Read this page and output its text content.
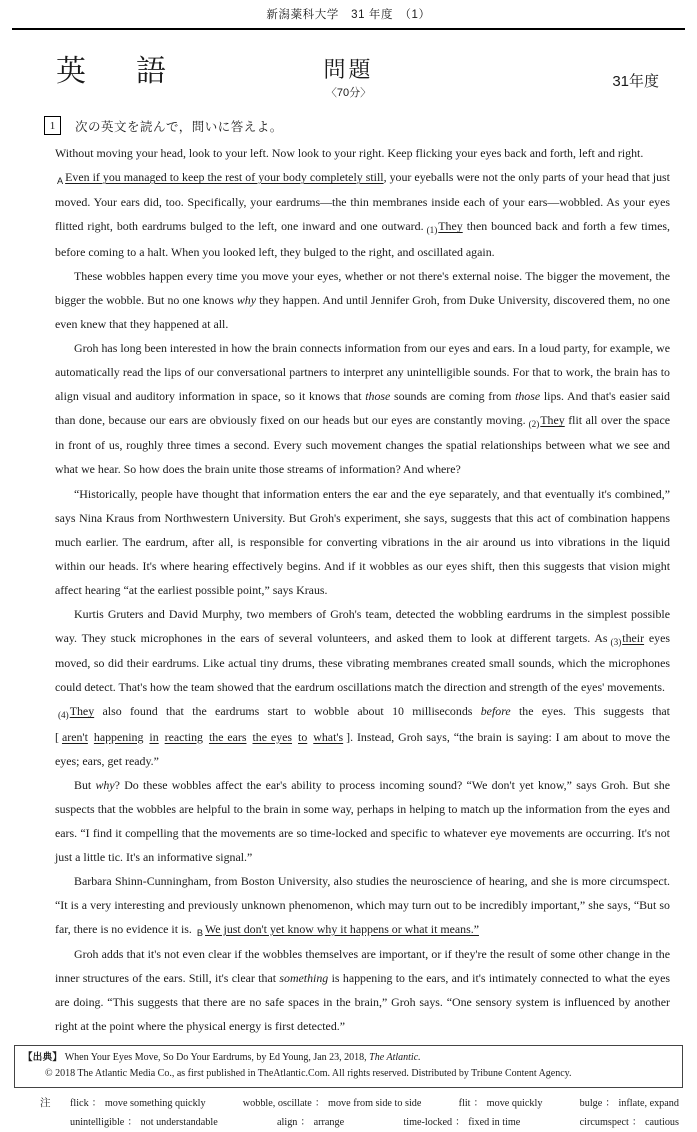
新潟薬科大学　31 年度　（1）
英　語	問題
〈70分〉
31年度
1	次の英文を読んで，問いに答えよ。

Without moving your head, look to your left. Now look to your right. Keep flicking your eyes back and forth, left and right.
$_A$ Even if you managed to keep the rest of your body completely still, your eyeballs were not the only parts of your head that just moved. Your ears did, too. Specifically, your eardrums—the thin membranes inside each of your ears—wobbled. As your eyes flitted right, both eardrums bulged to the left, one inward and one outward. $_{(1)}$They then bounced back and forth a few times, before coming to a halt. When you looked left, they bulged to the right, and oscillated again.

These wobbles happen every time you move your eyes, whether or not there's external noise. The bigger the movement, the bigger the wobble. But no one knows why they happen. And until Jennifer Groh, from Duke University, discovered them, no one even knew that they happened at all.

Groh has long been interested in how the brain connects information from our eyes and ears. In a loud party, for example, we automatically read the lips of our conversational partners to interpret any unintelligible sounds. For that to work, the brain has to align visual and auditory information in space, so it knows that those sounds are coming from those lips. And that's easier said than done, because our ears are obviously fixed on our heads but our eyes are constantly moving. $_{(2)}$They flit all over the space in front of us, roughly three times a second. Every such movement changes the spatial relationships between what we see and what we hear. So how does the brain unite those streams of information? And where?

“Historically, people have thought that information enters the ear and the eye separately, and that eventually it's combined,” says Nina Kraus from Northwestern University. But Groh's experiment, she says, suggests that this act of combination happens much earlier. The eardrum, after all, is responsible for converting vibrations in the air around us into vibrations in the liquid within our heads. It's where hearing effectively begins. And if it wobbles as our eyes shift, then this suggests that vision might affect hearing “at the earliest possible point,” says Kraus.

Kurtis Gruters and David Murphy, two members of Groh's team, detected the wobbling eardrums in the simplest possible way. They stuck microphones in the ears of several volunteers, and asked them to look at different targets. As $_{(3)}$their eyes moved, so did their eardrums. Like actual tiny drums, these vibrating membranes created small sounds, which the microphones could detect. That's how the team showed that the eardrum oscillations match the direction and strength of the eyes' movements.

$_{(4)}$They also found that the eardrums start to wobble about 10 milliseconds before the eyes. This suggests that [ aren't happening in reacting the ears the eyes to what's ]. Instead, Groh says, “the brain is saying: I am about to move the eyes; ears, get ready.”

But why? Do these wobbles affect the ear's ability to process incoming sound? “We don't yet know,” says Groh. But she suspects that the wobbles are helpful to the brain in some way, perhaps in helping to match up the information from the eyes and ears. “I find it compelling that the movements are so time-locked and specific to whatever eye movements are occurring. It's not just a little tic. It's an informative signal.”

Barbara Shinn-Cunningham, from Boston University, also studies the neuroscience of hearing, and she is more circumspect. “It is a very interesting and previously unknown phenomenon, which may turn out to be incredibly important,” she says, “But so far, there is no evidence it is. $_B$ We just don't yet know why it happens or what it means.”

Groh adds that it's not even clear if the wobbles themselves are important, or if they're the result of some other change in the inner structures of the ears. Still, it's clear that something is happening to the ears, and it's intimately connected to what the eyes are doing. “This suggests that there are no safe spaces in the brain,” Groh says. “One sensory system is influenced by another right at the point where the physical energy is first detected.”

【出典】 When Your Eyes Move, So Do Your Eardrums, by Ed Young, Jan 23, 2018, The Atlantic.
© 2018 The Atlantic Media Co., as first published in TheAtlantic.Com. All rights reserved. Distributed by Tribune Content Agency.
注	flick ： move something quickly	wobble, oscillate ： move from side to side	flit ： move quickly	bulge ： inflate, expand
unintelligible ： not understandable	align ： arrange	time-locked ： fixed in time	circumspect ： cautious
